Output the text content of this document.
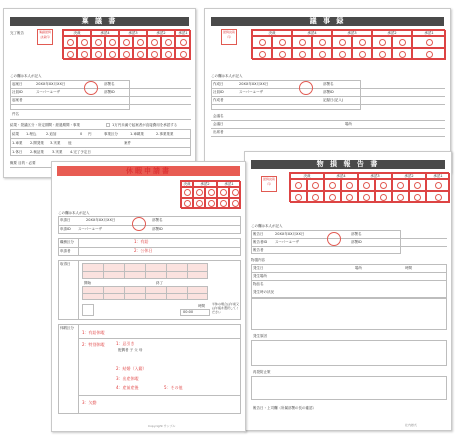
稟 議 書
完了報告	稟議最終決裁印
決裁	承認4	承認3	承認2	承認1
この欄は本人が記入
起案日	20XX年XX月XX日	部署名
社員ID	スーパーユーザ	部署ID
起案者
件名
結果・発議区分・所定期間・経過期間・事業	1万円未満で起案者が直接費用を承認する
結果 1.埋込	2.追加	0 円	事業区分	1.車載業	2.事業業業
1.車業 2.開発業 3.実業 他	案件
1.休日 2.検証業 3.実業 4.完了予定日
概要 目的・必要
議 事 録
最終決裁印
決裁	承認4	承認3	承認2	承認1
この欄は本人が記入
作成日	20XX年XX月XX日	部署名
社員ID	スーパーユーザ	部署ID
作成者	記録日(記入)
会議名
会議日	場所
出席者
物 損 報 告 書
最終決裁印
決裁	承認4	承認3	承認2	承認1
この欄は本人が記入
報告日	20XX年XX月XX日	部署名
報告者ID スーパーユーザ	部署ID
報告者
物損内容
発生日	場所	時間
発生場所
物品名
発生時の状況
発生原因
再発防止策
報告日・上司欄（所属部署の長の確認）
社内様式
休暇申請書
決裁	承認2	承認1
この欄は本人が記入
申請日	20XX年XX月XX日	部署名
申請ID スーパーユーザ	部署ID
職務区分
申請者
1：有給
2：公休日
取得日
開始	終了
時間
00:00
半休の場合は午前又は午後を選択してください
休暇区分
1：有給休暇
2：特別休暇	1：忌引き
配偶者 子 父 母
2：結婚（入籍）
3：出産休暇
4：産前産後	5：その他
3：欠勤
Copyright サンプル
